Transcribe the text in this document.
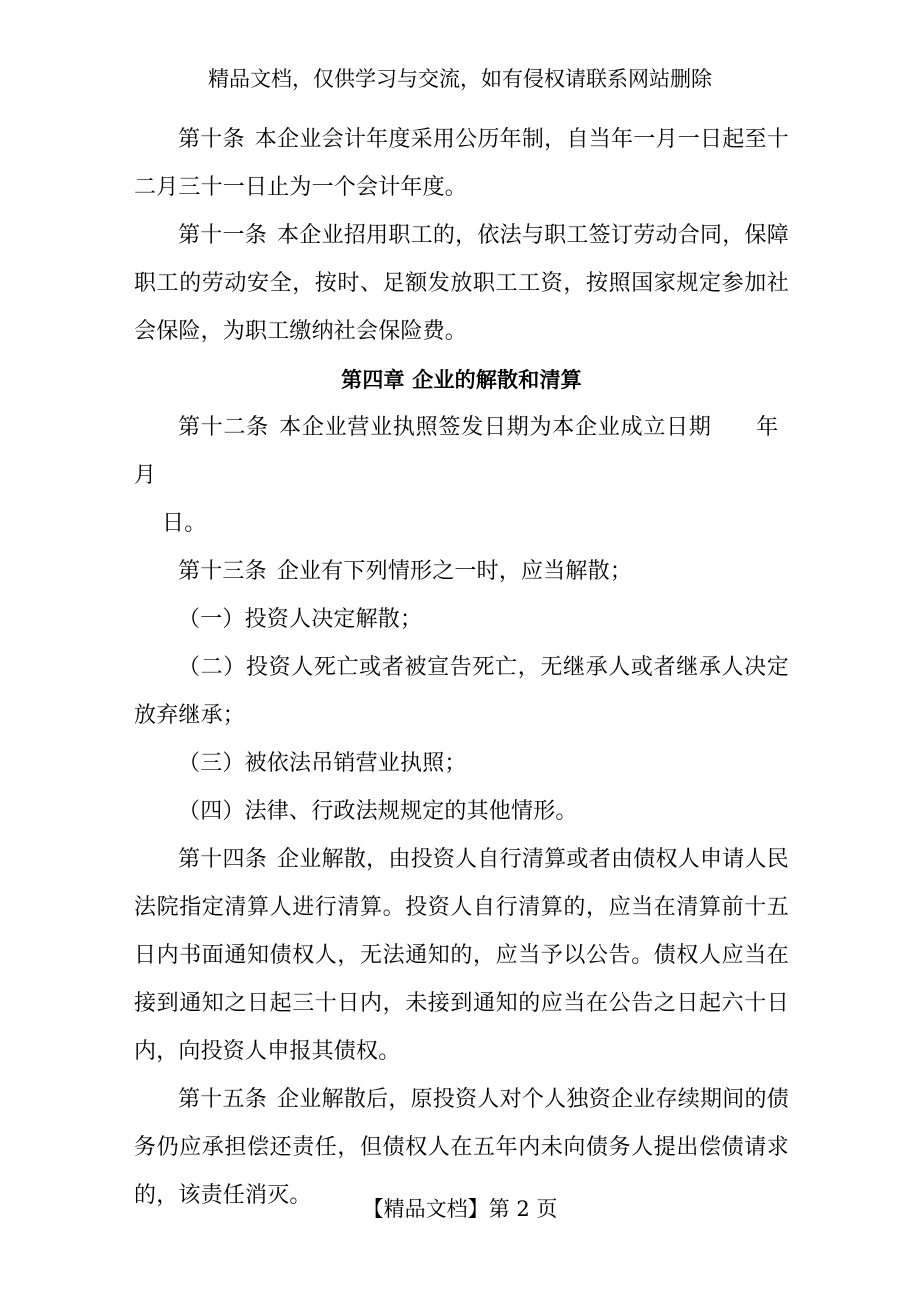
精品文档，仅供学习与交流，如有侵权请联系网站删除

第十条 本企业会计年度采用公历年制，自当年一月一日起至十二月三十一日止为一个会计年度。

第十一条 本企业招用职工的，依法与职工签订劳动合同，保障职工的劳动安全，按时、足额发放职工工资，按照国家规定参加社会保险，为职工缴纳社会保险费。

第四章 企业的解散和清算

第十二条 本企业营业执照签发日期为本企业成立日期 年月
日。

第十三条 企业有下列情形之一时，应当解散；

（一）投资人决定解散；

（二）投资人死亡或者被宣告死亡，无继承人或者继承人决定放弃继承；

（三）被依法吊销营业执照；

（四）法律、行政法规规定的其他情形。

第十四条 企业解散，由投资人自行清算或者由债权人申请人民法院指定清算人进行清算。投资人自行清算的，应当在清算前十五日内书面通知债权人，无法通知的，应当予以公告。债权人应当在接到通知之日起三十日内，未接到通知的应当在公告之日起六十日内，向投资人申报其债权。

第十五条 企业解散后，原投资人对个人独资企业存续期间的债务仍应承担偿还责任，但债权人在五年内未向债务人提出偿债请求的，该责任消灭。

【精品文档】第 2 页
